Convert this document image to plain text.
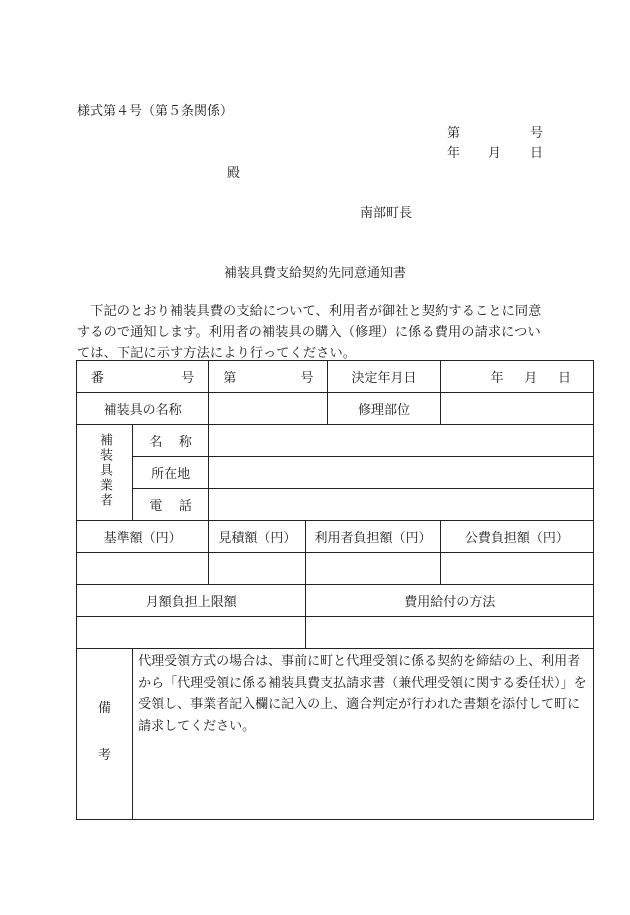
様式第４号（第５条関係）
第	号
年 月 日
殿
南部町長
補装具費支給契約先同意通知書
下記のとおり補装具費の支給について、利用者が御社と契約することに同意
するので通知します。利用者の補装具の購入（修理）に係る費用の請求につい
ては、下記に示す方法により行ってください。
番 号		第 号		決定年月日	年 月 日
補装具の名称				修理部位	
補装具業者	名 称				
	所在地				
	電 話				
基準額（円）		見積額（円）	利用者負担額（円）		公費負担額（円）

月額負担上限額			費用給付の方法		

備
考	代理受領方式の場合は、事前に町と代理受領に係る契約を締結の上、利用者から「代理受領に係る補装具費支払請求書（兼代理受領に関する委任状）」を受領し、事業者記入欄に記入の上、適合判定が行われた書類を添付して町に請求してください。				
